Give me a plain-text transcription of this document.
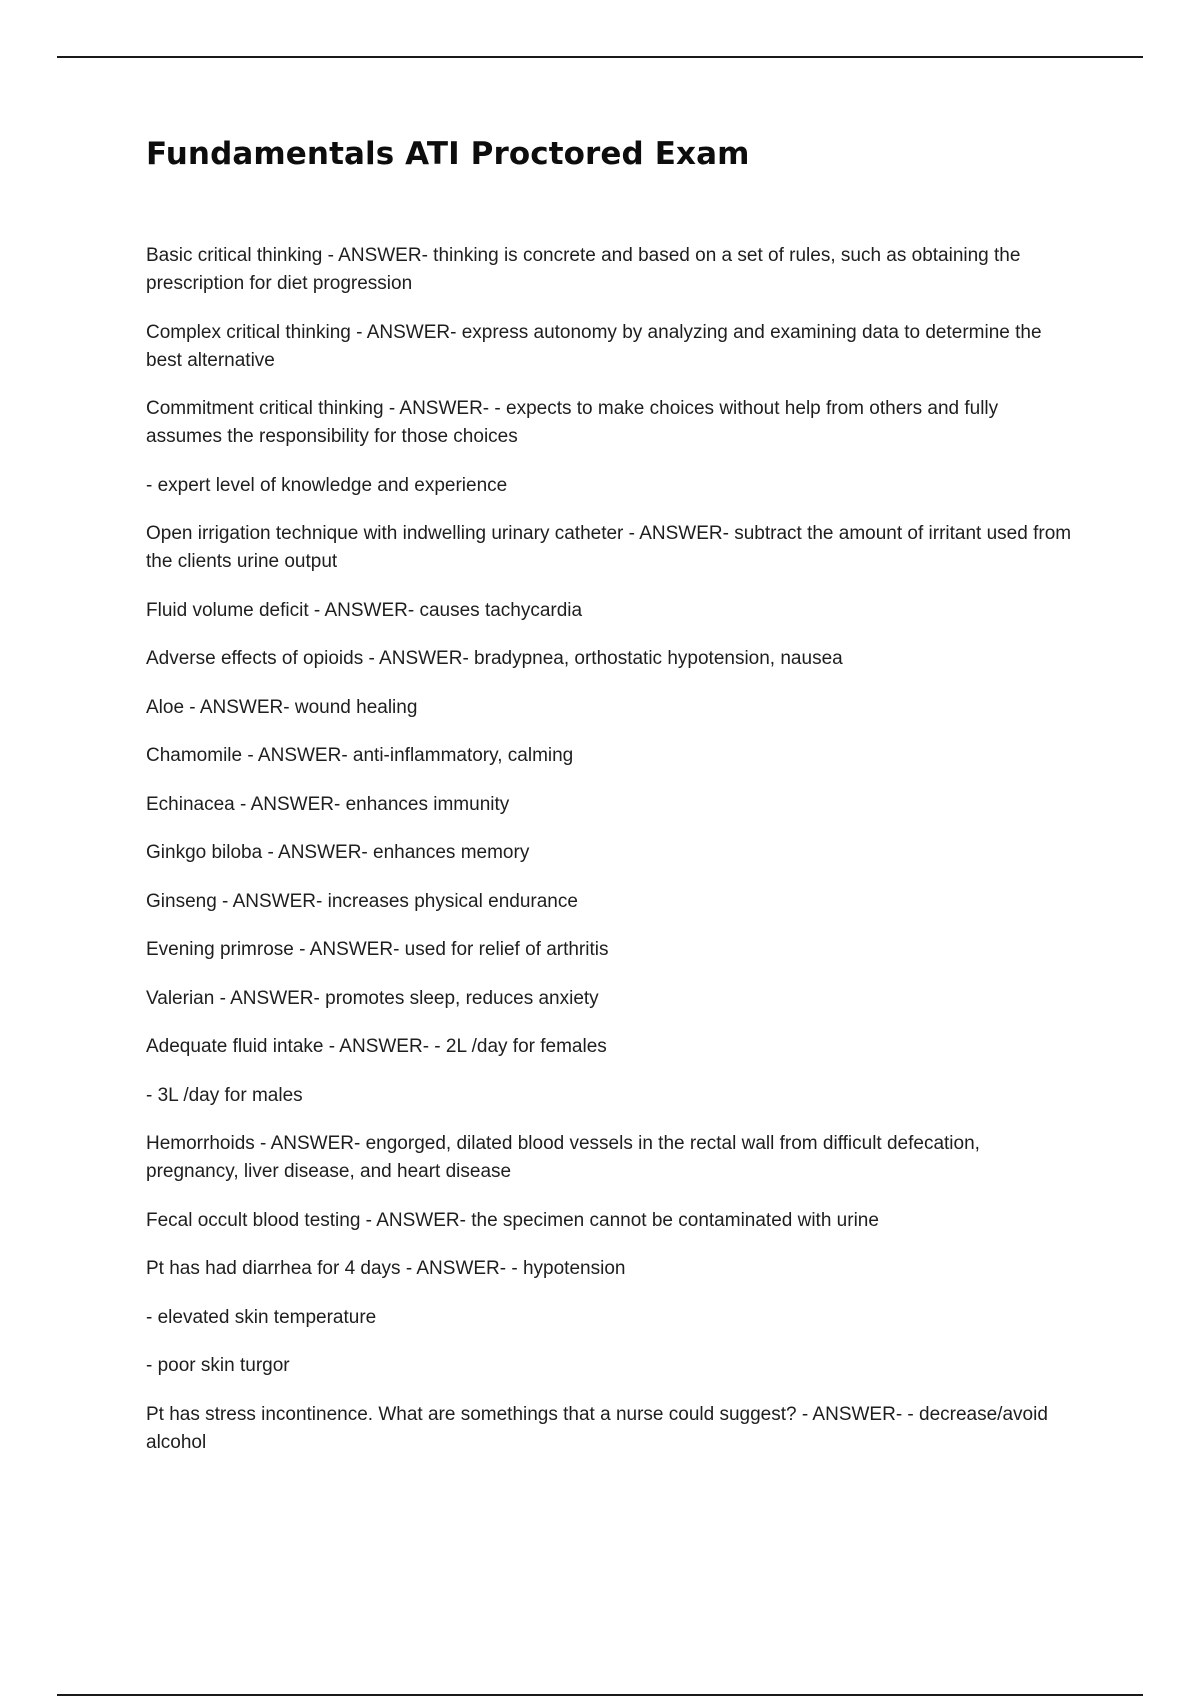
Fundamentals ATI Proctored Exam

Basic critical thinking - ANSWER- thinking is concrete and based on a set of rules, such as obtaining the prescription for diet progression

Complex critical thinking - ANSWER- express autonomy by analyzing and examining data to determine the best alternative

Commitment critical thinking - ANSWER- - expects to make choices without help from others and fully assumes the responsibility for those choices

- expert level of knowledge and experience

Open irrigation technique with indwelling urinary catheter - ANSWER- subtract the amount of irritant used from the clients urine output

Fluid volume deficit - ANSWER- causes tachycardia

Adverse effects of opioids - ANSWER- bradypnea, orthostatic hypotension, nausea

Aloe - ANSWER- wound healing

Chamomile - ANSWER- anti-inflammatory, calming

Echinacea - ANSWER- enhances immunity

Ginkgo biloba - ANSWER- enhances memory

Ginseng - ANSWER- increases physical endurance

Evening primrose - ANSWER- used for relief of arthritis

Valerian - ANSWER- promotes sleep, reduces anxiety

Adequate fluid intake - ANSWER- - 2L /day for females

- 3L /day for males

Hemorrhoids - ANSWER- engorged, dilated blood vessels in the rectal wall from difficult defecation, pregnancy, liver disease, and heart disease

Fecal occult blood testing - ANSWER- the specimen cannot be contaminated with urine

Pt has had diarrhea for 4 days - ANSWER- - hypotension

- elevated skin temperature

- poor skin turgor

Pt has stress incontinence. What are somethings that a nurse could suggest? - ANSWER- - decrease/avoid alcohol
